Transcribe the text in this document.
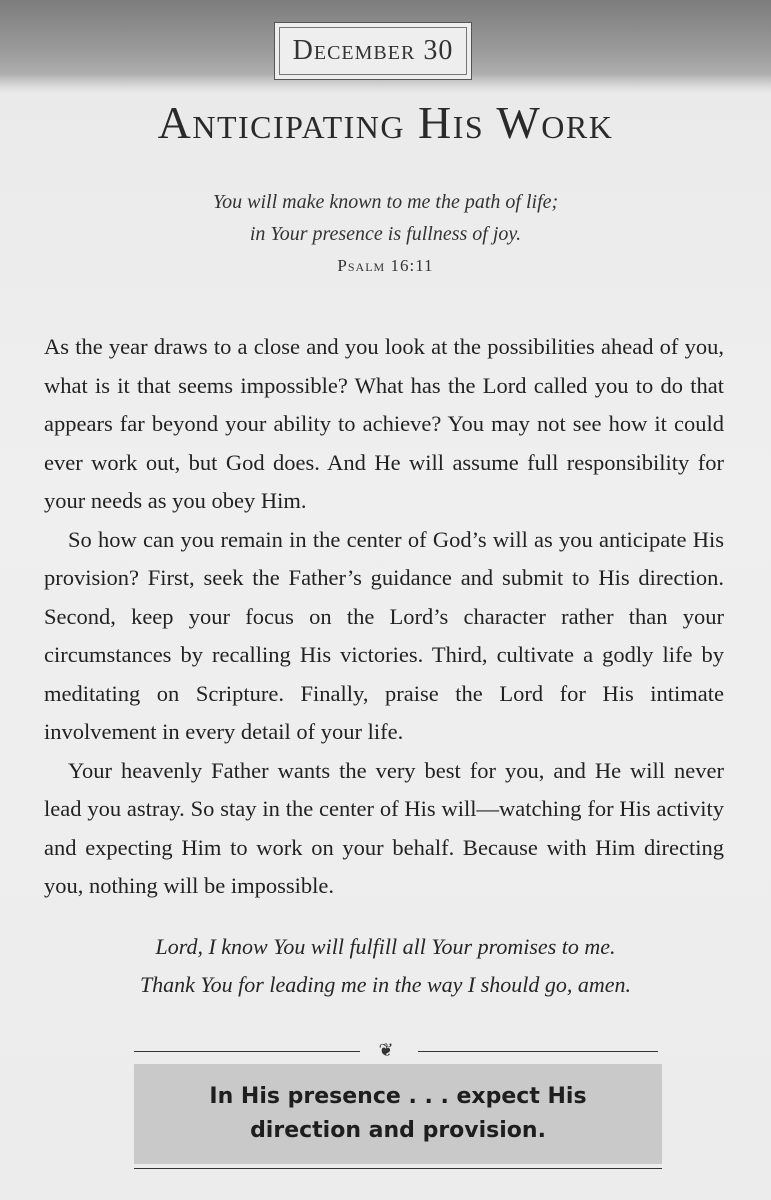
December 30
Anticipating His Work
You will make known to me the path of life;
in Your presence is fullness of joy.
Psalm 16:11

As the year draws to a close and you look at the possibilities ahead of you, what is it that seems impossible? What has the Lord called you to do that appears far beyond your ability to achieve? You may not see how it could ever work out, but God does. And He will assume full responsibility for your needs as you obey Him.

So how can you remain in the center of God’s will as you anticipate His provision? First, seek the Father’s guidance and submit to His direction. Second, keep your focus on the Lord’s character rather than your circumstances by recalling His victories. Third, cultivate a godly life by meditating on Scripture. Finally, praise the Lord for His intimate involvement in every detail of your life.

Your heavenly Father wants the very best for you, and He will never lead you astray. So stay in the center of His will—watching for His activity and expecting Him to work on your behalf. Because with Him directing you, nothing will be impossible.

Lord, I know You will fulfill all Your promises to me.
Thank You for leading me in the way I should go, amen.
❦
In His presence . . . expect His
direction and provision.
